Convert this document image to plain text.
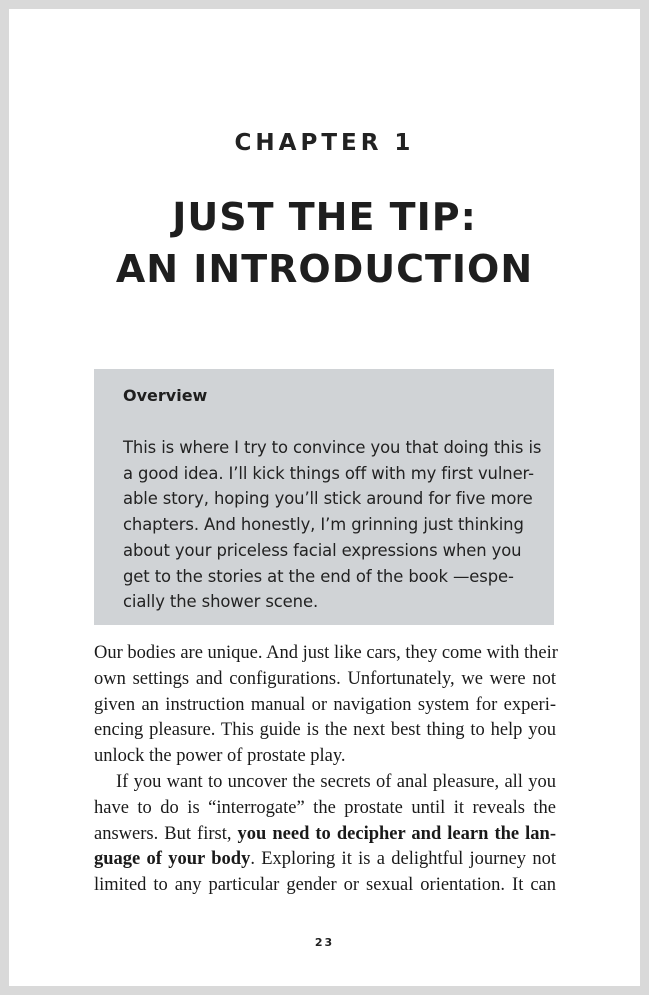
CHAPTER 1
JUST THE TIP:
AN INTRODUCTION
Overview

This is where I try to convince you that doing this is
a good idea. I’ll kick things off with my first vulner-
able story, hoping you’ll stick around for five more
chapters. And honestly, I’m grinning just thinking
about your priceless facial expressions when you
get to the stories at the end of the book —espe-
cially the shower scene.

Our bodies are unique. And just like cars, they come with their
own settings and configurations. Unfortunately, we were not
given an instruction manual or navigation system for experi-
encing pleasure. This guide is the next best thing to help you
unlock the power of prostate play.
If you want to uncover the secrets of anal pleasure, all you
have to do is “interrogate” the prostate until it reveals the
answers. But first, you need to decipher and learn the lan-
guage of your body. Exploring it is a delightful journey not
limited to any particular gender or sexual orientation. It can
23
